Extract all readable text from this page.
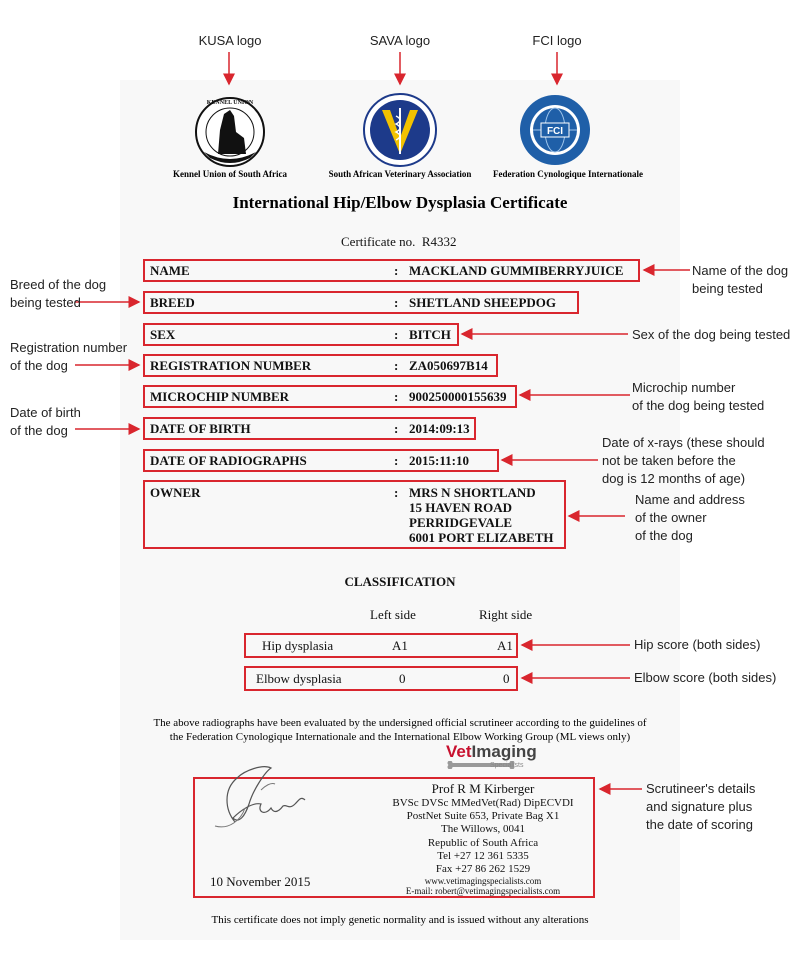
KUSA logo	SAVA logo	FCI logo
KENNEL UNION
Kennel Union of South Africa	South African Veterinary Association
FCI
Federation Cynologique Internationale
International Hip/Elbow Dysplasia Certificate
Certificate no. R4332
NAME	: MACKLAND GUMMIBERRYJUICE
BREED	: SHETLAND SHEEPDOG
SEX	: BITCH
REGISTRATION NUMBER	: ZA050697B14
MICROCHIP NUMBER	: 900250000155639
DATE OF BIRTH	: 2014:09:13
DATE OF RADIOGRAPHS	: 2015:11:10
OWNER	: MRS N SHORTLAND
15 HAVEN ROAD
PERRIDGEVALE
6001 PORT ELIZABETH
CLASSIFICATION
Left side	Right side
Hip dysplasia	A1	A1
Elbow dysplasia	0	0
The above radiographs have been evaluated by the undersigned official scrutineer according to the guidelines of
the Federation Cynologique Internationale and the International Elbow Working Group (ML views only)
VetImaging
Specialists
10 November 2015
Prof R M Kirberger
BVSc DVSc MMedVet(Rad) DipECVDI
PostNet Suite 653, Private Bag X1
The Willows, 0041
Republic of South Africa
Tel +27 12 361 5335
Fax +27 86 262 1529
www.vetimagingspecialists.com
E-mail: robert@vetimagingspecialists.com
This certificate does not imply genetic normality and is issued without any alterations
Name of the dog
being tested
Breed of the dog
being tested
Sex of the dog being tested
Registration number
of the dog
Microchip number
of the dog being tested
Date of birth
of the dog
Date of x-rays (these should
not be taken before the
dog is 12 months of age)
Name and address
of the owner
of the dog
Hip score (both sides)
Elbow score (both sides)
Scrutineer's details
and signature plus
the date of scoring
